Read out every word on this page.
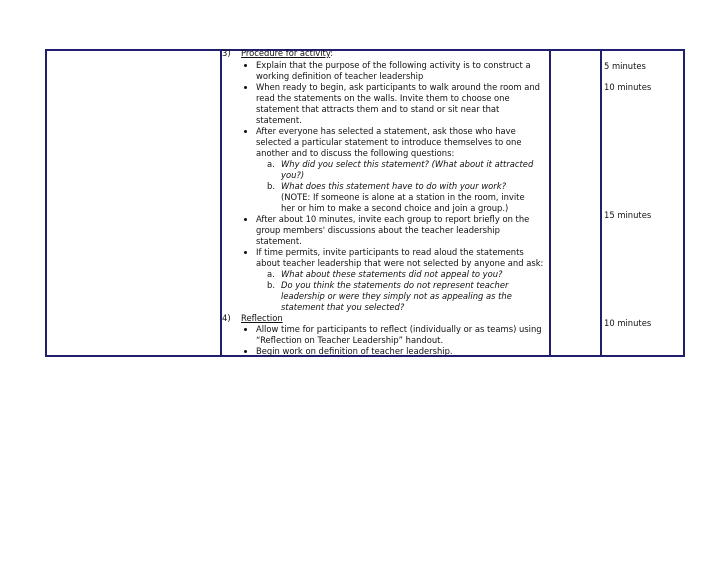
3) Procedure for activity:
Explain that the purpose of the following activity is to construct a
working definition of teacher leadership
When ready to begin, ask participants to walk around the room and
read the statements on the walls. Invite them to choose one
statement that attracts them and to stand or sit near that
statement.
After everyone has selected a statement, ask those who have
selected a particular statement to introduce themselves to one
another and to discuss the following questions:
a. Why did you select this statement? (What about it attracted
you?)
b. What does this statement have to do with your work?
(NOTE: If someone is alone at a station in the room, invite
her or him to make a second choice and join a group.)
After about 10 minutes, invite each group to report briefly on the
group members' discussions about the teacher leadership
statement.
If time permits, invite participants to read aloud the statements
about teacher leadership that were not selected by anyone and ask:
a. What about these statements did not appeal to you?
b. Do you think the statements do not represent teacher
leadership or were they simply not as appealing as the
statement that you selected?
4) Reflection
Allow time for participants to reflect (individually or as teams) using
“Reflection on Teacher Leadership” handout.
Begin work on definition of teacher leadership.
5 minutes
10 minutes
15 minutes
10 minutes
